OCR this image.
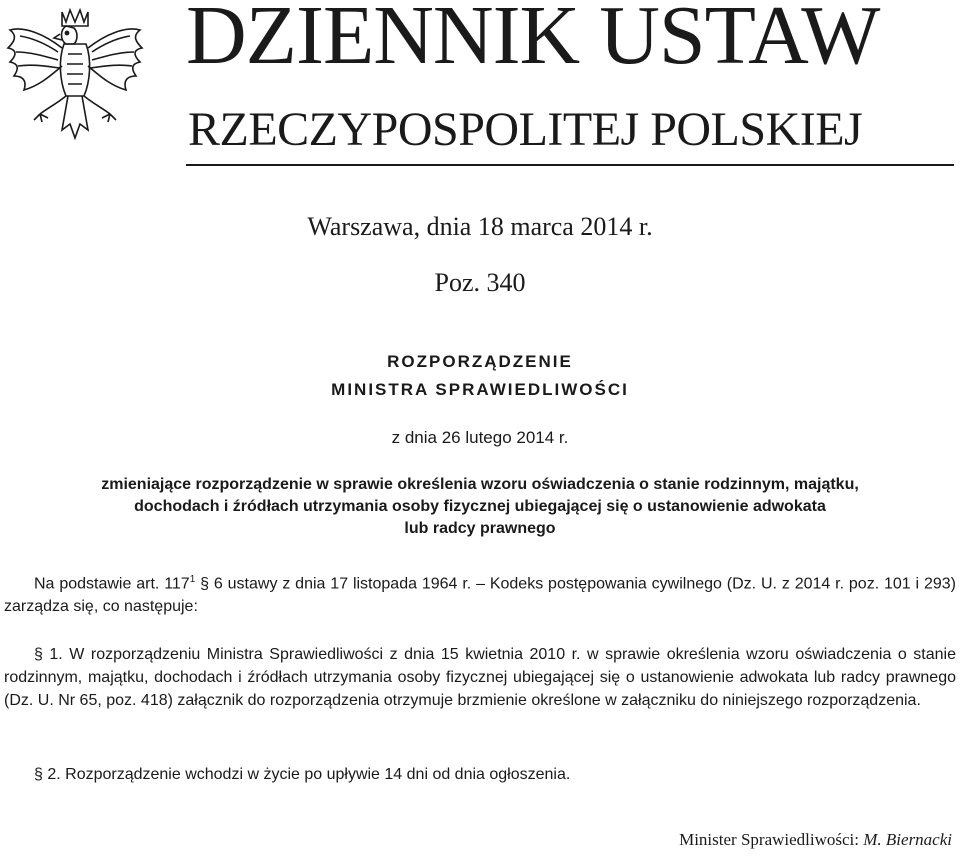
DZIENNIK USTAW
RZECZYPOSPOLITEJ POLSKIEJ
Warszawa, dnia 18 marca 2014 r.
Poz. 340
ROZPORZĄDZENIE
MINISTRA SPRAWIEDLIWOŚCI
z dnia 26 lutego 2014 r.
zmieniające rozporządzenie w sprawie określenia wzoru oświadczenia o stanie rodzinnym, majątku,
dochodach i źródłach utrzymania osoby fizycznej ubiegającej się o ustanowienie adwokata
lub radcy prawnego
Na podstawie art. $117^1$ § 6 ustawy z dnia 17 listopada 1964 r. – Kodeks postępowania cywilnego (Dz. U. z 2014 r. poz. 101 i 293) zarządza się, co następuje:
§ 1. W rozporządzeniu Ministra Sprawiedliwości z dnia 15 kwietnia 2010 r. w sprawie określenia wzoru oświadczenia o stanie rodzinnym, majątku, dochodach i źródłach utrzymania osoby fizycznej ubiegającej się o ustanowienie adwokata lub radcy prawnego (Dz. U. Nr 65, poz. 418) załącznik do rozporządzenia otrzymuje brzmienie określone w załączniku do niniejszego rozporządzenia.
§ 2. Rozporządzenie wchodzi w życie po upływie 14 dni od dnia ogłoszenia.
Minister Sprawiedliwości: M. Biernacki
